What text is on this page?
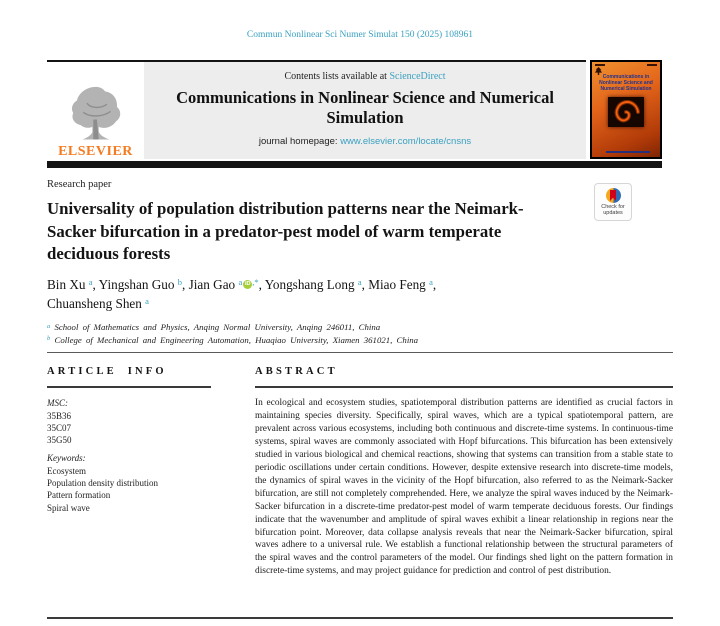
Commun Nonlinear Sci Numer Simulat 150 (2025) 108961
ELSEVIER
Contents lists available at ScienceDirect
Communications in Nonlinear Science and Numerical Simulation
journal homepage: www.elsevier.com/locate/cnsns
Communications in
Nonlinear Science and
Numerical Simulation
Research paper
Check for
updates
Universality of population distribution patterns near the Neimark-Sacker bifurcation in a predator-pest model of warm temperate deciduous forests
Bin Xu $^a$, Yingshan Guo $^b$, Jian Gao $^a$ iD ,*, Yongshang Long $^a$, Miao Feng $^a$,
Chuansheng Shen $^a$
$^a$ School of Mathematics and Physics, Anqing Normal University, Anqing 246011, China
$^b$ College of Mechanical and Engineering Automation, Huaqiao University, Xiamen 361021, China
ARTICLE INFO
MSC:
35B36
35C07
35G50
Keywords:
Ecosystem
Population density distribution
Pattern formation
Spiral wave
ABSTRACT
In ecological and ecosystem studies, spatiotemporal distribution patterns are identified as crucial factors in maintaining species diversity. Specifically, spiral waves, which are a typical spatiotemporal pattern, are prevalent across various ecosystems, including both continuous and discrete-time systems. In continuous-time systems, spiral waves are commonly associated with Hopf bifurcations. This bifurcation has been extensively studied in various biological and chemical reactions, showing that systems can transition from a stable state to periodic oscillations under certain conditions. However, despite extensive research into discrete-time models, the dynamics of spiral waves in the vicinity of the Hopf bifurcation, also referred to as the Neimark-Sacker bifurcation, are still not completely comprehended. Here, we analyze the spiral waves induced by the Neimark-Sacker bifurcation in a discrete-time predator-pest model of warm temperate deciduous forests. Our findings indicate that the wavenumber and amplitude of spiral waves exhibit a linear relationship in regions near the bifurcation point. Moreover, data collapse analysis reveals that near the Neimark-Sacker bifurcation, spiral waves adhere to a universal rule. We establish a functional relationship between the structural parameters of the spiral waves and the control parameters of the model. Our findings shed light on the pattern formation in discrete-time systems, and may project guidance for prediction and control of pest distribution.
